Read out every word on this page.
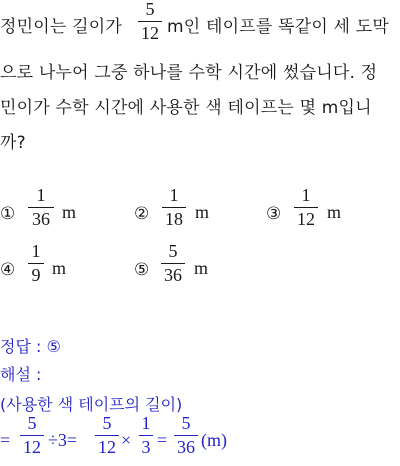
정민이는 길이가
5
12 m인 테이프를 똑같이 세 도막
으로 나누어 그중 하나를 수학 시간에 썼습니다. 정
민이가 수학 시간에 사용한 색 테이프는 몇 m입니
까?
①
1
36 m	②
1
18 m	③
1
12 m
④
1
9 m	⑤
5
36 m
정답 : ⑤
해설 :
(사용한 색 테이프의 길이)
=
5
12 ÷3=
5
12 ×
1
3 =
5
36 (m)
